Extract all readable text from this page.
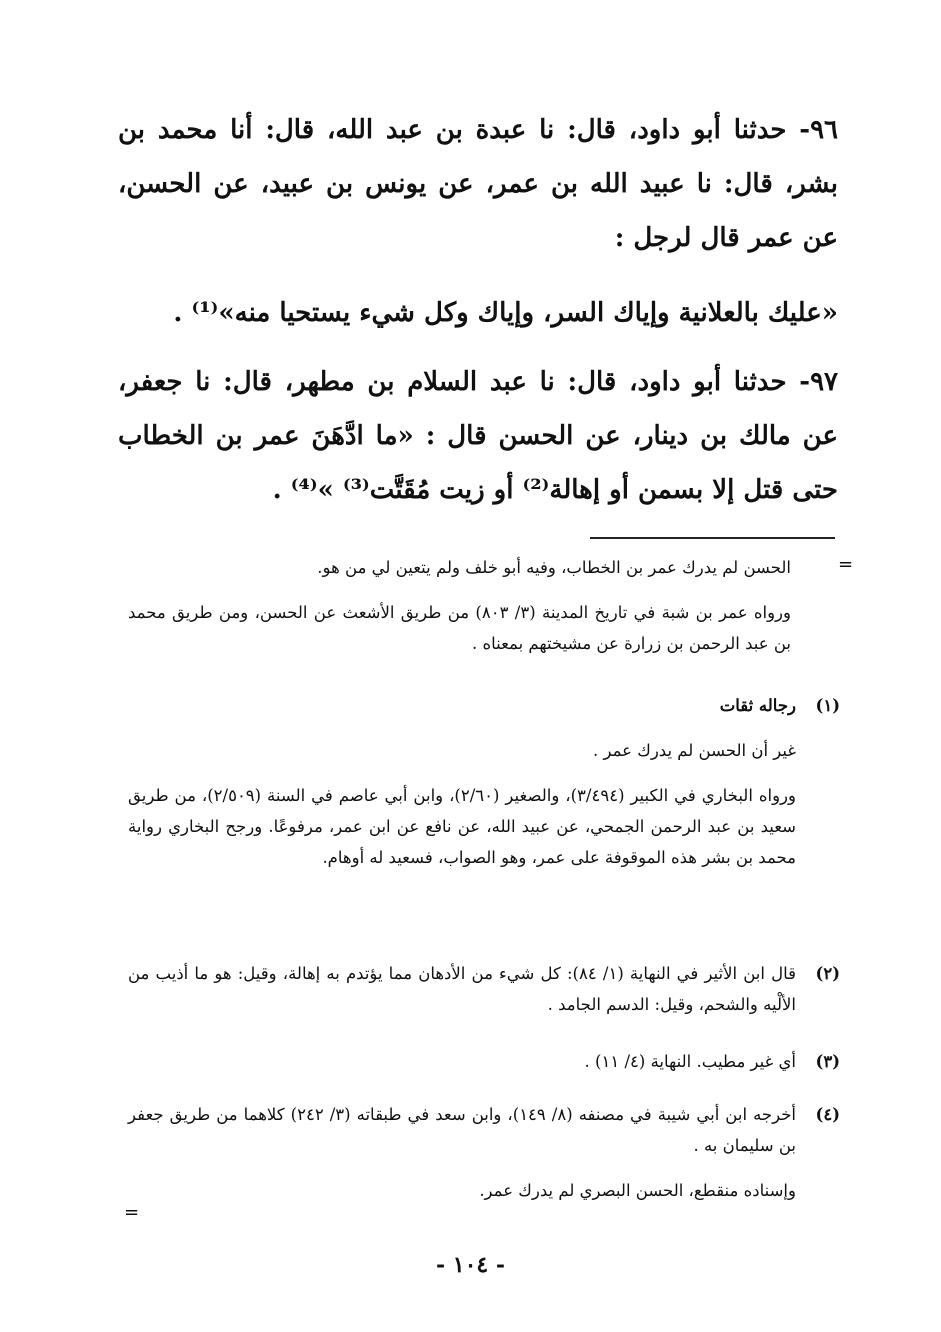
٩٦- حدثنا أبو داود، قال: نا عبدة بن عبد الله، قال: أنا محمد بن بشر، قال: نا عبيد الله بن عمر، عن يونس بن عبيد، عن الحسن، عن عمر قال لرجل :

«عليك بالعلانية وإياك السر، وإياك وكل شيء يستحيا منه»⁽¹⁾ .

٩٧- حدثنا أبو داود، قال: نا عبد السلام بن مطهر، قال: نا جعفر، عن مالك بن دينار، عن الحسن قال : «ما ادَّهَنَ عمر بن الخطاب حتى قتل إلا بسمن أو إهالة⁽²⁾ أو زيت مُقَتَّت⁽³⁾ »⁽⁴⁾ .

=

الحسن لم يدرك عمر بن الخطاب، وفيه أبو خلف ولم يتعين لي من هو.

ورواه عمر بن شبة في تاريخ المدينة (٣/ ٨٠٣) من طريق الأشعث عن الحسن، ومن طريق محمد بن عبد الرحمن بن زرارة عن مشيختهم بمعناه .

(١)

رجاله ثقات

غير أن الحسن لم يدرك عمر .

ورواه البخاري في الكبير (٣/٤٩٤)، والصغير (٢/٦٠)، وابن أبي عاصم في السنة (٢/٥٠٩)، من طريق سعيد بن عبد الرحمن الجمحي، عن عبيد الله، عن نافع عن ابن عمر، مرفوعًا. ورجح البخاري رواية محمد بن بشر هذه الموقوفة على عمر، وهو الصواب، فسعيد له أوهام.

(٢)

قال ابن الأثير في النهاية (١/ ٨٤): كل شيء من الأدهان مما يؤتدم به إهالة، وقيل: هو ما أذيب من الألْيه والشحم، وقيل: الدسم الجامد .

(٣)

أي غير مطيب. النهاية (٤/ ١١) .

(٤)

أخرجه ابن أبي شيبة في مصنفه (٨/ ١٤٩)، وابن سعد في طبقاته (٣/ ٢٤٢) كلاهما من طريق جعفر بن سليمان به .

وإسناده منقطع، الحسن البصري لم يدرك عمر.

=
- ١٠٤ -
